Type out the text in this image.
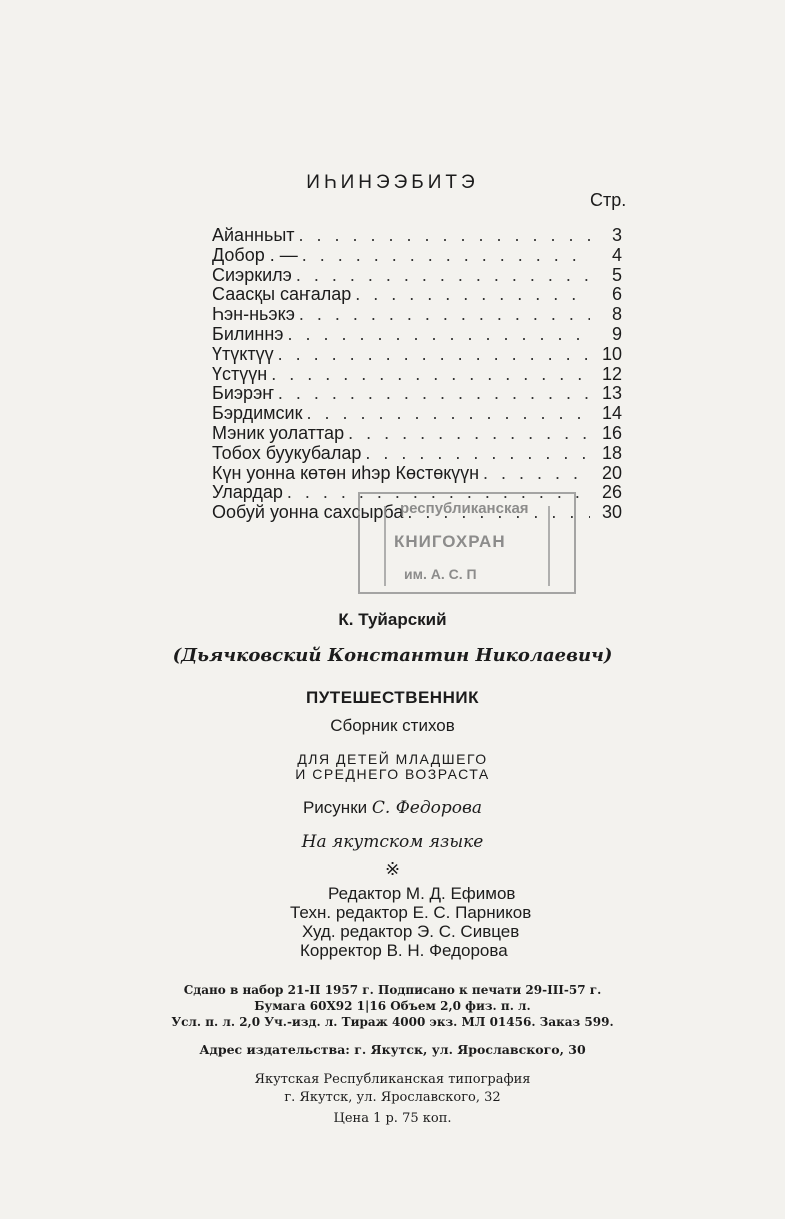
ИҺИНЭЭБИТЭ
Стр.
Айанньыт . . .	3
Добор . — . . .	4
Сиэркилэ . . .	5
Саасқы саҥалар . . .	6
Һэн-ньэкэ . . .	8
Билиннэ . . .	9
Үтүктүү . . .	10
Үстүүн . . .	12
Биэрэҥ . . .	13
Бэрдимсик . . .	14
Мэник уолаттар . . .	16
Тобох буукубалар . . .	18
Күн уонна көтөн иһэр Көстөкүүн . . .	20
Улардар . . .	26
Ообуй уонна сахсырба . . .	30
республиканская
КНИГОХРАН
им. А. С. П
К. Туйарский
(Дьячковский Константин Николаевич)
ПУТЕШЕСТВЕННИК
Сборник стихов
ДЛЯ ДЕТЕЙ МЛАДШЕГО
И СРЕДНЕГО ВОЗРАСТА
Рисунки С. Федорова
На якутском языке
※
Редактор М. Д. Ефимов
Техн. редактор Е. С. Парников
Худ. редактор Э. С. Сивцев
Корректор В. Н. Федорова
Сдано в набор 21-II 1957 г. Подписано к печати 29-III-57 г.
Бумага 60Х92 1|16 Объем 2,0 физ. п. л.
Усл. п. л. 2,0 Уч.-изд. л. Тираж 4000 экз. МЛ 01456. Заказ 599.
Адрес издательства: г. Якутск, ул. Ярославского, 30
Якутская Республиканская типография
г. Якутск, ул. Ярославского, 32
Цена 1 р. 75 коп.
